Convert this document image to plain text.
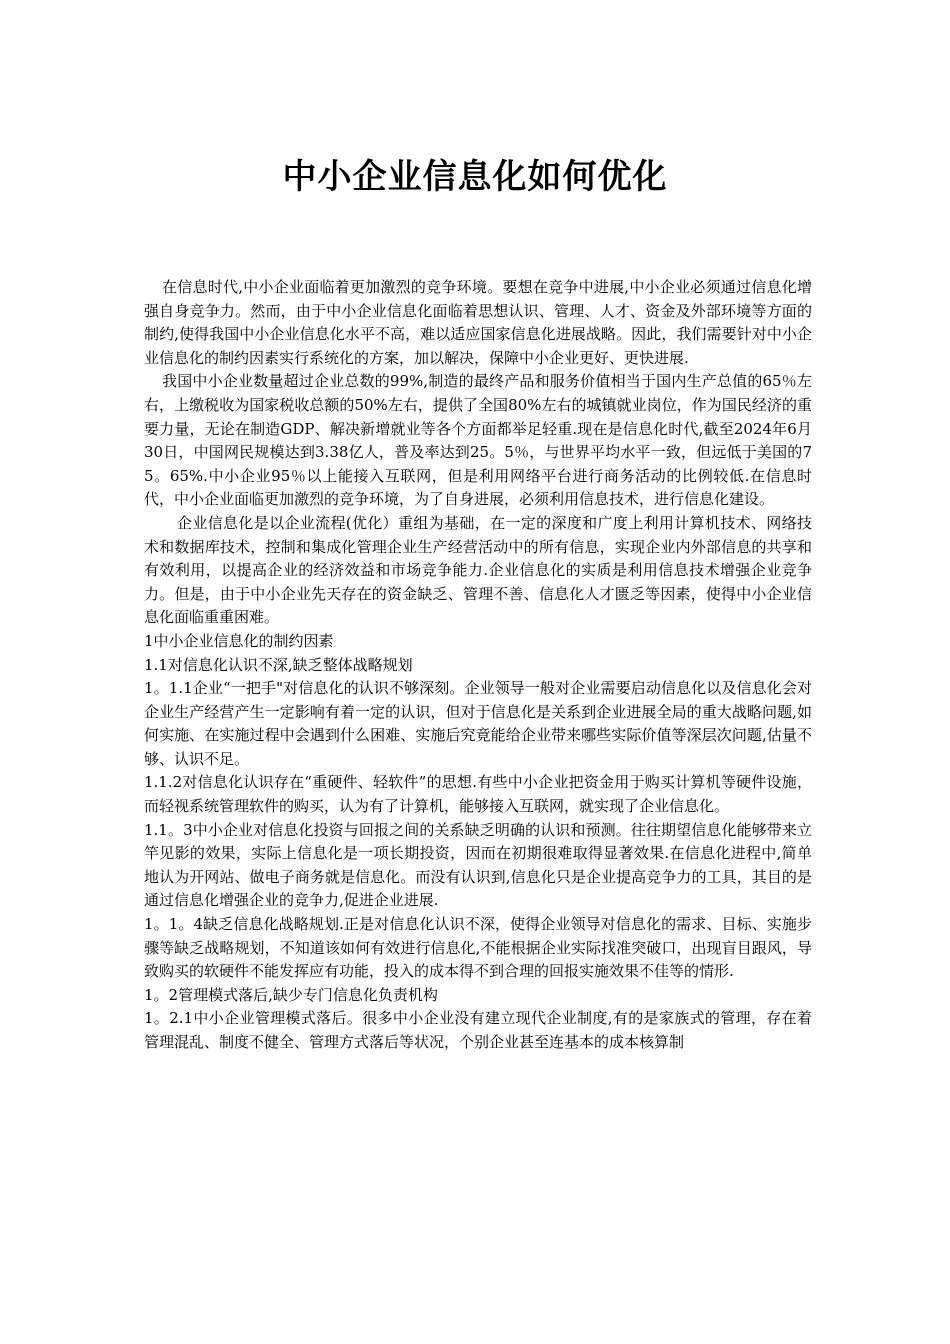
中小企业信息化如何优化

在信息时代,中小企业面临着更加激烈的竞争环境。要想在竞争中进展,中小企业必须通过信息化增强自身竞争力。然而，由于中小企业信息化面临着思想认识、管理、人才、资金及外部环境等方面的制约,使得我国中小企业信息化水平不高，难以适应国家信息化进展战略。因此，我们需要针对中小企业信息化的制约因素实行系统化的方案，加以解决，保障中小企业更好、更快进展.

我国中小企业数量超过企业总数的99%,制造的最终产品和服务价值相当于国内生产总值的65％左右，上缴税收为国家税收总额的50%左右，提供了全国80%左右的城镇就业岗位，作为国民经济的重要力量，无论在制造GDP、解决新增就业等各个方面都举足轻重.现在是信息化时代,截至2024年6月30日，中国网民规模达到3.38亿人，普及率达到25。5％，与世界平均水平一致，但远低于美国的75。65%.中小企业95％以上能接入互联网，但是利用网络平台进行商务活动的比例较低.在信息时代，中小企业面临更加激烈的竞争环境，为了自身进展，必须利用信息技术，进行信息化建设。

企业信息化是以企业流程(优化）重组为基础，在一定的深度和广度上利用计算机技术、网络技术和数据库技术，控制和集成化管理企业生产经营活动中的所有信息，实现企业内外部信息的共享和有效利用，以提高企业的经济效益和市场竞争能力.企业信息化的实质是利用信息技术增强企业竞争力。但是，由于中小企业先天存在的资金缺乏、管理不善、信息化人才匮乏等因素，使得中小企业信息化面临重重困难。

1中小企业信息化的制约因素

1.1对信息化认识不深,缺乏整体战略规划

1。1.1企业“一把手"对信息化的认识不够深刻。企业领导一般对企业需要启动信息化以及信息化会对企业生产经营产生一定影响有着一定的认识，但对于信息化是关系到企业进展全局的重大战略问题,如何实施、在实施过程中会遇到什么困难、实施后究竟能给企业带来哪些实际价值等深层次问题,估量不够、认识不足。

1.1.2对信息化认识存在“重硬件、轻软件”的思想.有些中小企业把资金用于购买计算机等硬件设施，而轻视系统管理软件的购买，认为有了计算机，能够接入互联网，就实现了企业信息化。

1.1。3中小企业对信息化投资与回报之间的关系缺乏明确的认识和预测。往往期望信息化能够带来立竿见影的效果，实际上信息化是一项长期投资，因而在初期很难取得显著效果.在信息化进程中,简单地认为开网站、做电子商务就是信息化。而没有认识到,信息化只是企业提高竞争力的工具，其目的是通过信息化增强企业的竞争力,促进企业进展.

1。1。4缺乏信息化战略规划.正是对信息化认识不深，使得企业领导对信息化的需求、目标、实施步骤等缺乏战略规划，不知道该如何有效进行信息化,不能根据企业实际找准突破口，出现盲目跟风，导致购买的软硬件不能发挥应有功能，投入的成本得不到合理的回报实施效果不佳等的情形.

1。2管理模式落后,缺少专门信息化负责机构

1。2.1中小企业管理模式落后。很多中小企业没有建立现代企业制度,有的是家族式的管理，存在着管理混乱、制度不健全、管理方式落后等状况，个别企业甚至连基本的成本核算制
